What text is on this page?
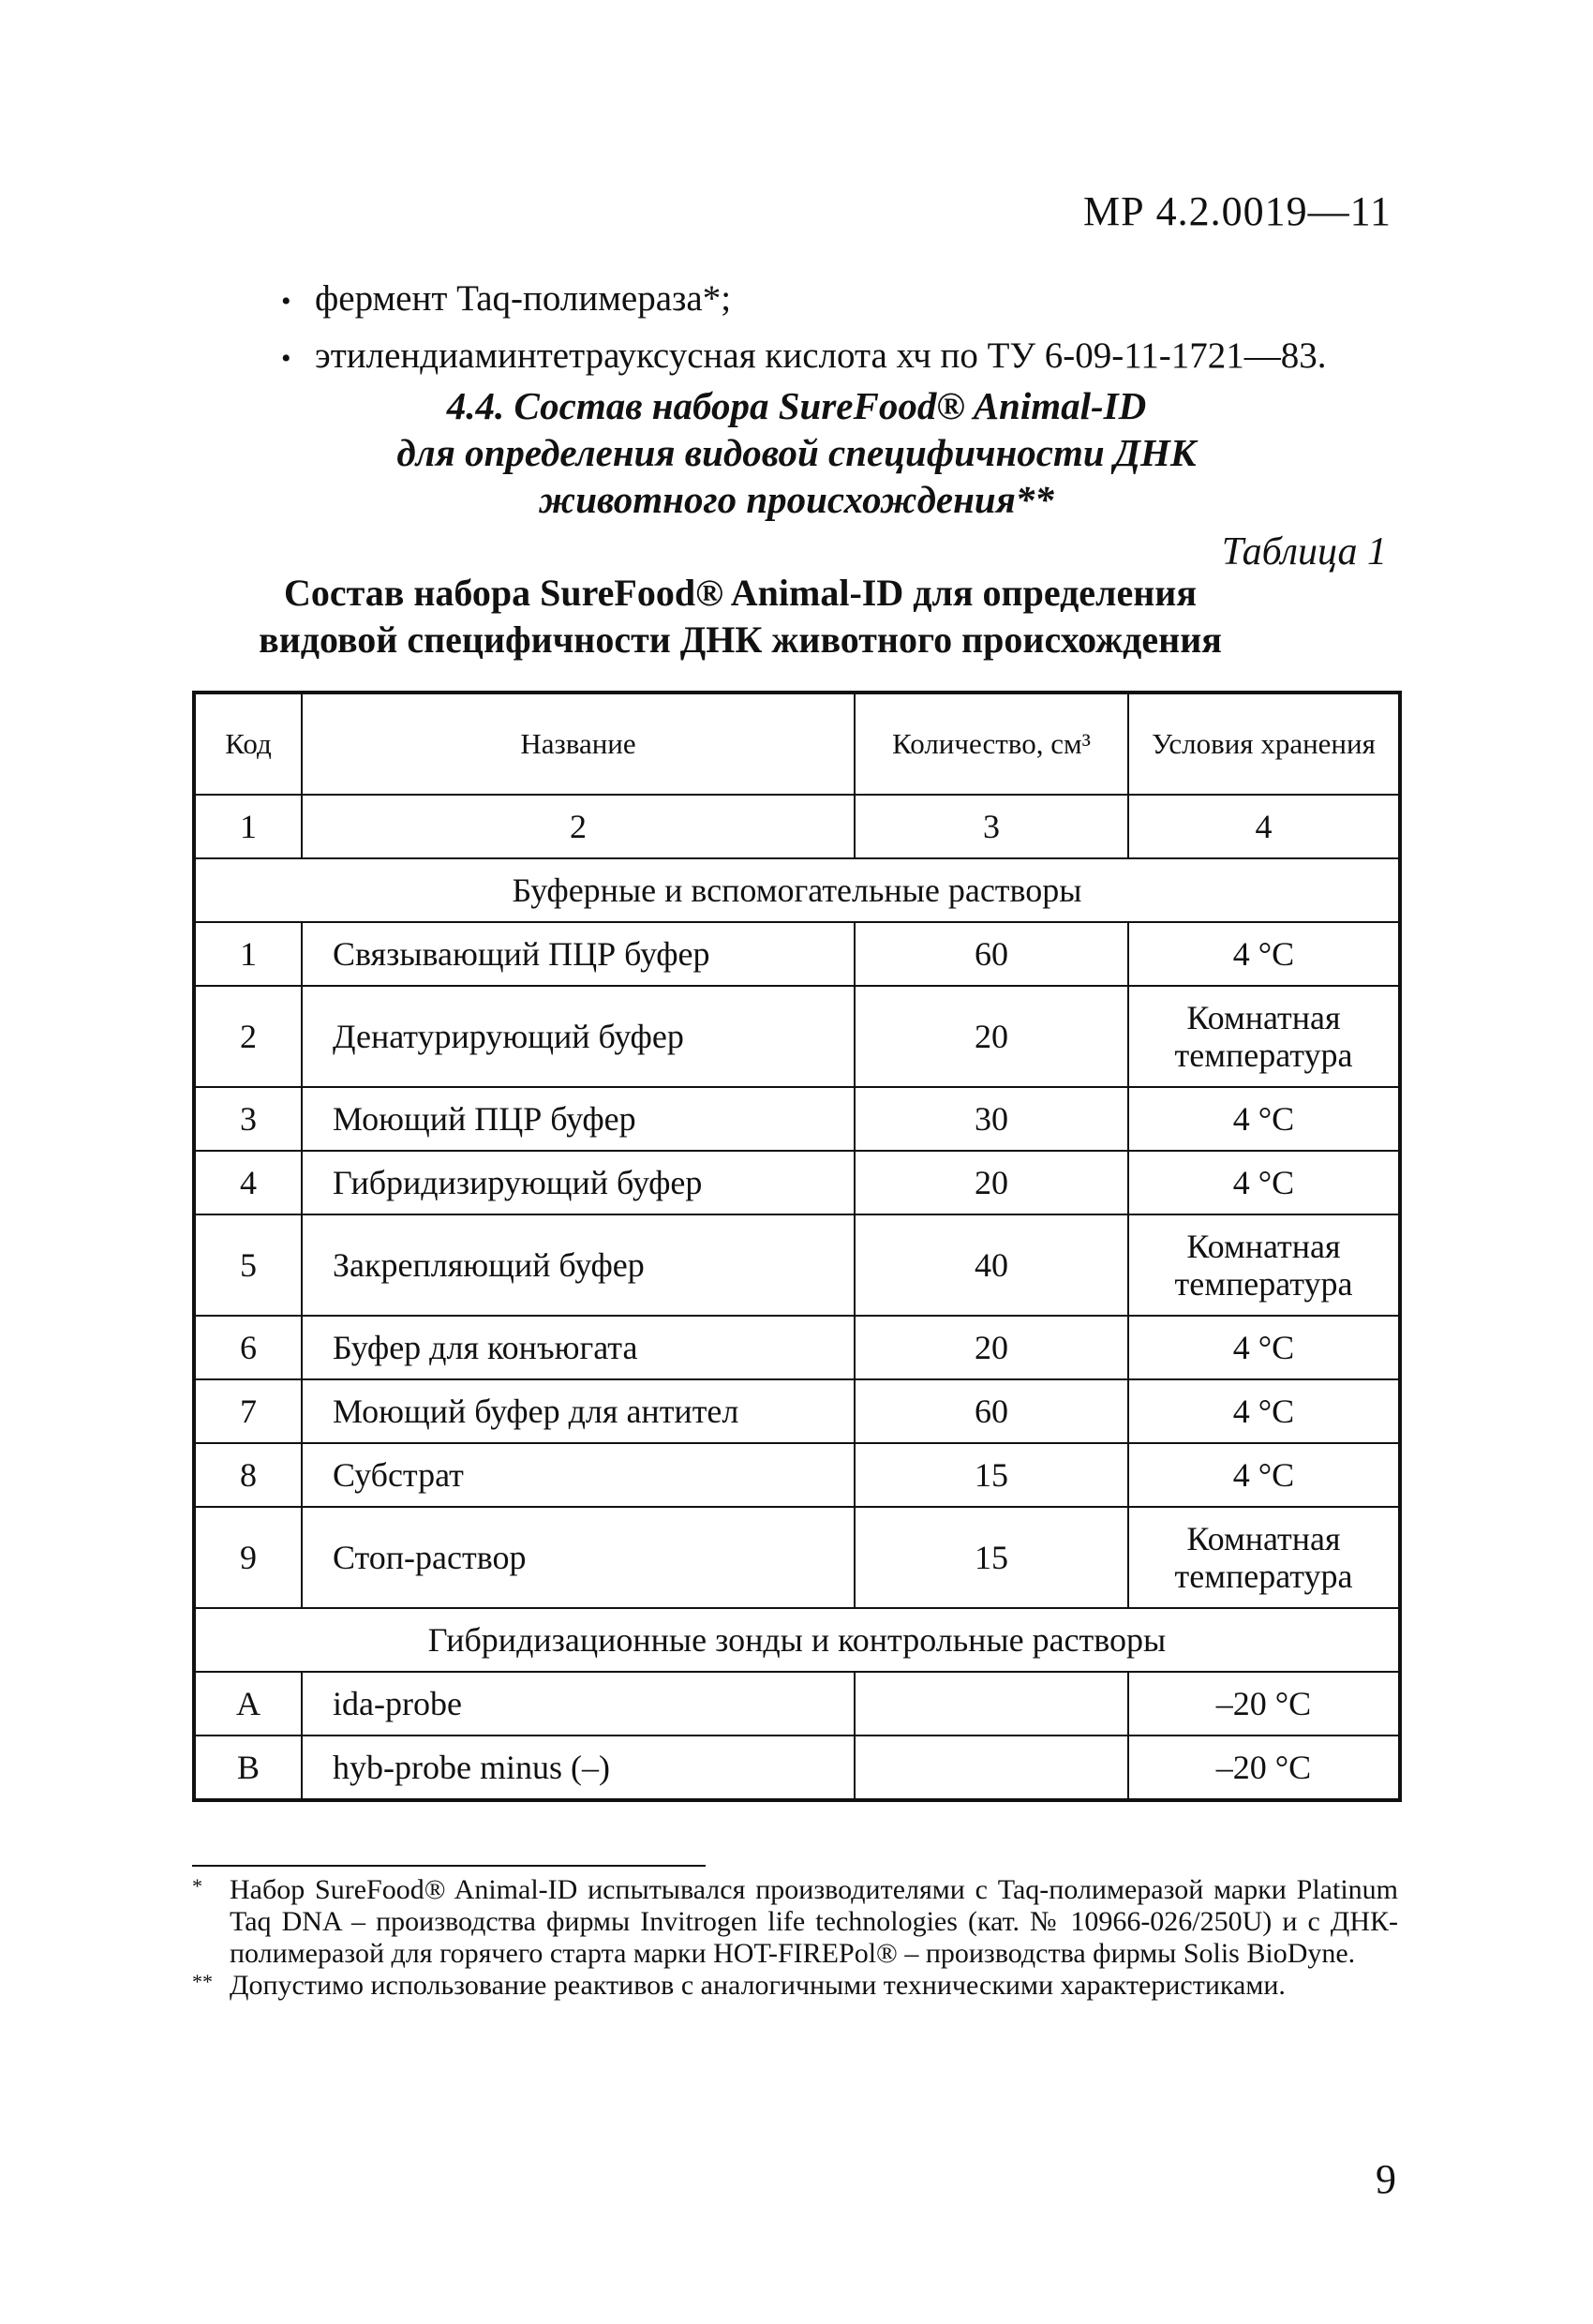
МР 4.2.0019—11
• фермент Taq-полимераза*;
• этилендиаминтетрауксусная кислота хч по ТУ 6-09-11-1721—83.
4.4. Состав набора SureFood® Animal-ID
для определения видовой специфичности ДНК
животного происхождения**
Таблица 1
Состав набора SureFood® Animal-ID для определения
видовой специфичности ДНК животного происхождения
Код	Название	Количество, см³	Условия хранения
1	2	3	4
Буферные и вспомогательные растворы			
1	Связывающий ПЦР буфер	60	4 °C
2	Денатурирующий буфер	20	Комнатная температура
3	Моющий ПЦР буфер	30	4 °C
4	Гибридизирующий буфер	20	4 °C
5	Закрепляющий буфер	40	Комнатная температура
6	Буфер для конъюгата	20	4 °C
7	Моющий буфер для антител	60	4 °C
8	Субстрат	15	4 °C
9	Стоп-раствор	15	Комнатная температура
Гибридизационные зонды и контрольные растворы			
A	ida-probe		–20 °C
B	hyb-probe minus (–)		–20 °C
* Набор SureFood® Animal-ID испытывался производителями с Taq-полимеразой марки Platinum Taq DNA – производства фирмы Invitrogen life technologies (кат. № 10966-026/250U) и с ДНК-полимеразой для горячего старта марки HOT-FIREPol® – производства фирмы Solis BioDyne.
** Допустимо использование реактивов с аналогичными техническими характеристиками.
9
